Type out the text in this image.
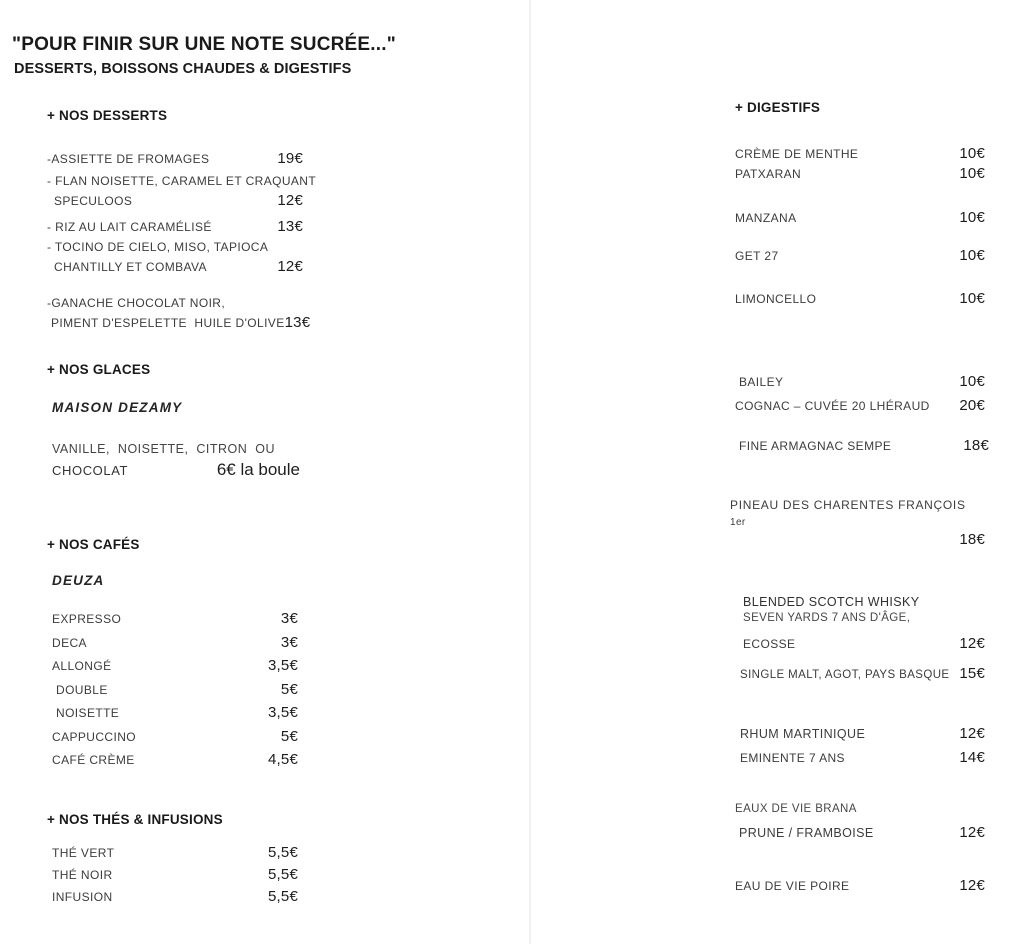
"POUR FINIR SUR UNE NOTE SUCRÉE..."
DESSERTS, BOISSONS CHAUDES & DIGESTIFS
+ NOS DESSERTS
-ASSIETTE DE FROMAGES	19€
- FLAN NOISETTE, CARAMEL ET CRAQUANT
SPECULOOS	12€
- RIZ AU LAIT CARAMÉLISÉ	13€
- TOCINO DE CIELO, MISO, TAPIOCA
CHANTILLY ET COMBAVA	12€
-GANACHE CHOCOLAT NOIR,
PIMENT D'ESPELETTE  HUILE D'OLIVE 13€
+ NOS GLACES
MAISON DEZAMY
VANILLE, NOISETTE, CITRON OU
CHOCOLAT	6€ la boule
+ NOS CAFÉS
DEUZA
EXPRESSO	3€
DECA	3€
ALLONGÉ	3,5€
DOUBLE	5€
NOISETTE	3,5€
CAPPUCCINO	5€
CAFÉ CRÈME	4,5€
+ NOS THÉS & INFUSIONS
THÉ VERT	5,5€
THÉ NOIR	5,5€
INFUSION	5,5€
+ DIGESTIFS
CRÈME DE MENTHE	10€
PATXARAN	10€
MANZANA	10€
GET 27	10€
LIMONCELLO	10€
BAILEY	10€
COGNAC – CUVÉE 20 LHÉRAUD 20€
FINE ARMAGNAC SEMPE	18€
PINEAU DES CHARENTES FRANÇOIS 1er
18€
BLENDED SCOTCH WHISKY
SEVEN YARDS 7 ANS D'ÂGE,
ECOSSE	12€
SINGLE MALT, AGOT, PAYS BASQUE 15€
RHUM MARTINIQUE	12€
EMINENTE 7 ANS	14€
EAUX DE VIE BRANA
PRUNE / FRAMBOISE	12€
EAU DE VIE POIRE	12€
